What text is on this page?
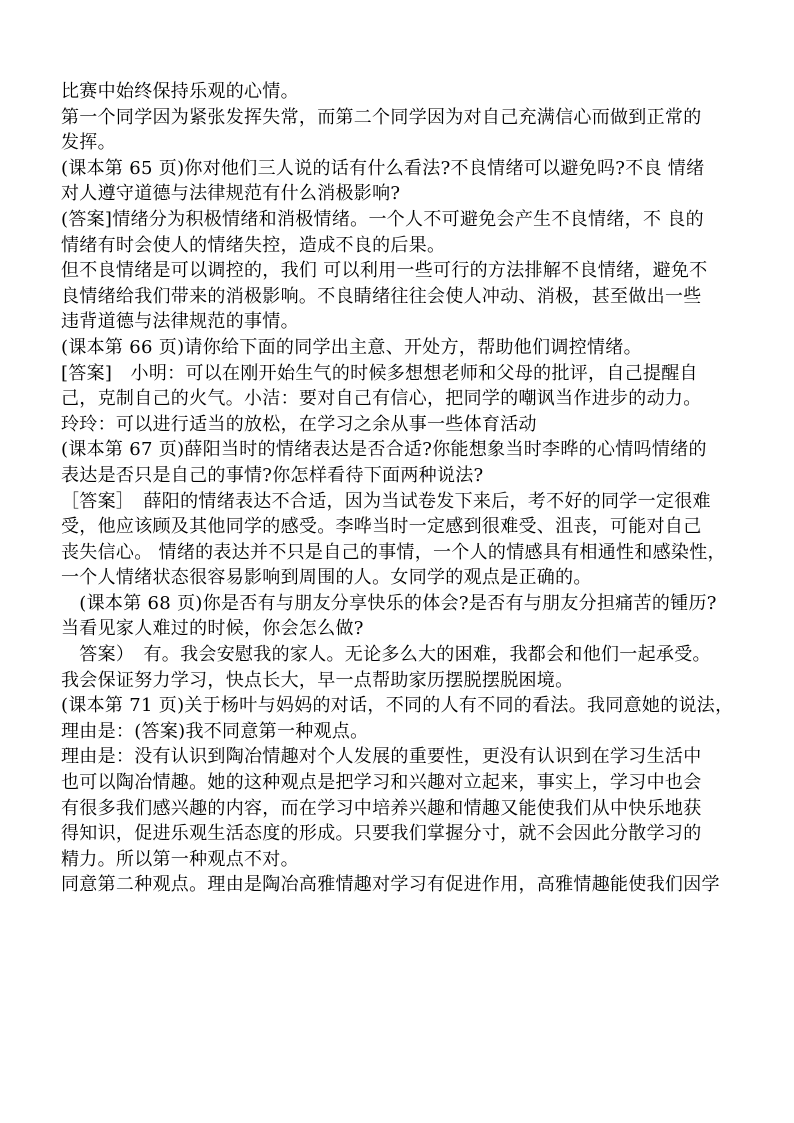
比赛中始终保持乐观的心情。
第一个同学因为紧张发挥失常，而第二个同学因为对自己充满信心而做到正常的
发挥。
(课本第 65 页)你对他们三人说的话有什么看法?不良情绪可以避免吗?不良 情绪
对人遵守道德与法律规范有什么消极影响?
(答案]情绪分为积极情绪和消极情绪。一个人不可避免会产生不良情绪，不 良的
情绪有时会使人的情绪失控，造成不良的后果。
但不良情绪是可以调控的，我们 可以利用一些可行的方法排解不良情绪，避免不
良情绪给我们带来的消极影响。不良睛绪往往会使人冲动、消极，甚至做出一些
违背道德与法律规范的事情。
(课本第 66 页)请你给下面的同学出主意、开处方，帮助他们调控情绪。
[答案]　小明：可以在刚开始生气的时候多想想老师和父母的批评，自己提醒自
己，克制自己的火气。小洁：要对自己有信心，把同学的嘲讽当作进步的动力。
玲玲：可以进行适当的放松，在学习之余从事一些体育活动
(课本第 67 页)薛阳当时的情绪表达是否合适?你能想象当时李晔的心情吗情绪的
表达是否只是自己的事情?你怎样看待下面两种说法?
［答案］　薛阳的情绪表达不合适，因为当试卷发下来后，考不好的同学一定很难
受，他应该顾及其他同学的感受。李哗当时一定感到很难受、沮丧，可能对自己
丧失信心。 情绪的表达并不只是自己的事情，一个人的情感具有相通性和感染性，
一个人情绪状态很容易影响到周围的人。女同学的观点是正确的。
　(课本第 68 页)你是否有与朋友分享快乐的体会?是否有与朋友分担痛苦的锺历?
当看见家人难过的时候，你会怎么做?
　答案）　有。我会安慰我的家人。无论多么大的困难，我都会和他们一起承受。
我会保证努力学习，快点长大，早一点帮助家历摆脱摆脱困境。
(课本第 71 页)关于杨叶与妈妈的对话，不同的人有不同的看法。我同意她的说法，
理由是：(答案)我不同意第一种观点。
理由是：没有认识到陶冶情趣对个人发展的重要性，更没有认识到在学习生活中
也可以陶冶情趣。她的这种观点是把学习和兴趣对立起来，事实上，学习中也会
有很多我们感兴趣的内容，而在学习中培养兴趣和情趣又能使我们从中快乐地获
得知识，促进乐观生活态度的形成。只要我们掌握分寸，就不会因此分散学习的
精力。所以第一种观点不对。
同意第二种观点。理由是陶冶高雅情趣对学习有促进作用，高雅情趣能使我们因学
